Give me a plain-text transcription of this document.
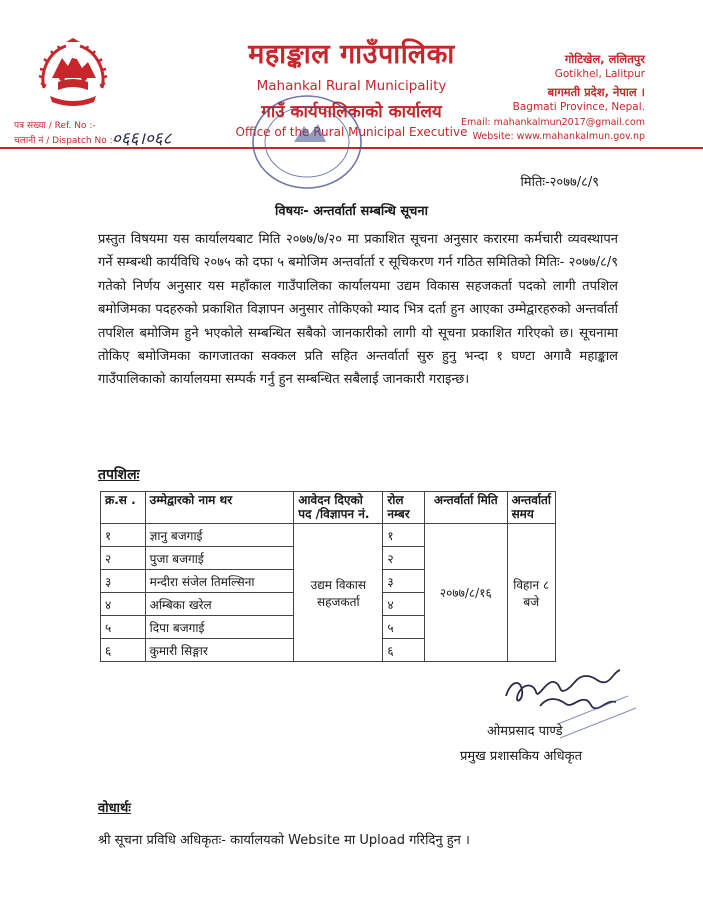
महाङ्काल गाउँपालिका
Mahankal Rural Municipality
गाउँ कार्यपालिकाको कार्यालय
Office of the Rural Municipal Executive
गोटिखेल, ललितपुर
Gotikhel, Lalitpur
बागमती प्रदेश, नेपाल ।
Bagmati Province, Nepal.
Email: mahankalmun2017@gmail.com
Website: www.mahankalmun.gov.np
पत्र संख्या / Ref. No :-
चलानी नं / Dispatch No :-
०६६।०६८
मितिः-२०७७/८/९
विषयः- अन्तर्वार्ता सम्बन्धि सूचना
प्रस्तुत विषयमा यस कार्यालयबाट मिति २०७७/७/२० मा प्रकाशित सूचना अनुसार करारमा कर्मचारी व्यवस्थापन गर्ने सम्बन्धी कार्यविधि २०७५ को दफा ५ बमोजिम अन्तर्वार्ता र सूचिकरण गर्न गठित समितिको मितिः- २०७७/८/९ गतेको निर्णय अनुसार यस महाँकाल गाउँपालिका कार्यालयमा उद्यम विकास सहजकर्ता पदको लागी तपशिल बमोजिमका पदहरुको प्रकाशित विज्ञापन अनुसार तोकिएको म्याद भित्र दर्ता हुन आएका उम्मेद्वारहरुको अन्तर्वार्ता तपशिल बमोजिम हुने भएकोले सम्बन्धित सबैको जानकारीको लागी यो सूचना प्रकाशित गरिएको छ। सूचनामा तोकिए बमोजिमका कागजातका सक्कल प्रति सहित अन्तर्वार्ता सुरु हुनु भन्दा १ घण्टा अगावै महाङ्काल गाउँपालिकाको कार्यालयमा सम्पर्क गर्नु हुन सम्बन्धित सबैलाई जानकारी गराइन्छ।
तपशिलः
क्र.स .	उम्मेद्वारको नाम थर	आवेदन दिएको पद /विज्ञापन नं.	रोल नम्बर	अन्तर्वार्ता मिति	अन्तर्वार्ता समय
१	ज्ञानु बजगाई	उद्यम विकास सहजकर्ता	१	२०७७/८/१६	विहान ८ बजे
२	पुजा बजगाई		२		
३	मन्दीरा संजेल तिमल्सिना		३		
४	अम्बिका खरेल		४		
५	दिपा बजगाई		५		
६	कुमारी सिङ्गार		६		
ओमप्रसाद पाण्डे
प्रमुख प्रशासकिय अधिकृत
वोधार्थः
श्री सूचना प्रविधि अधिकृतः- कार्यालयको Website मा Upload गरिदिनु हुन ।
